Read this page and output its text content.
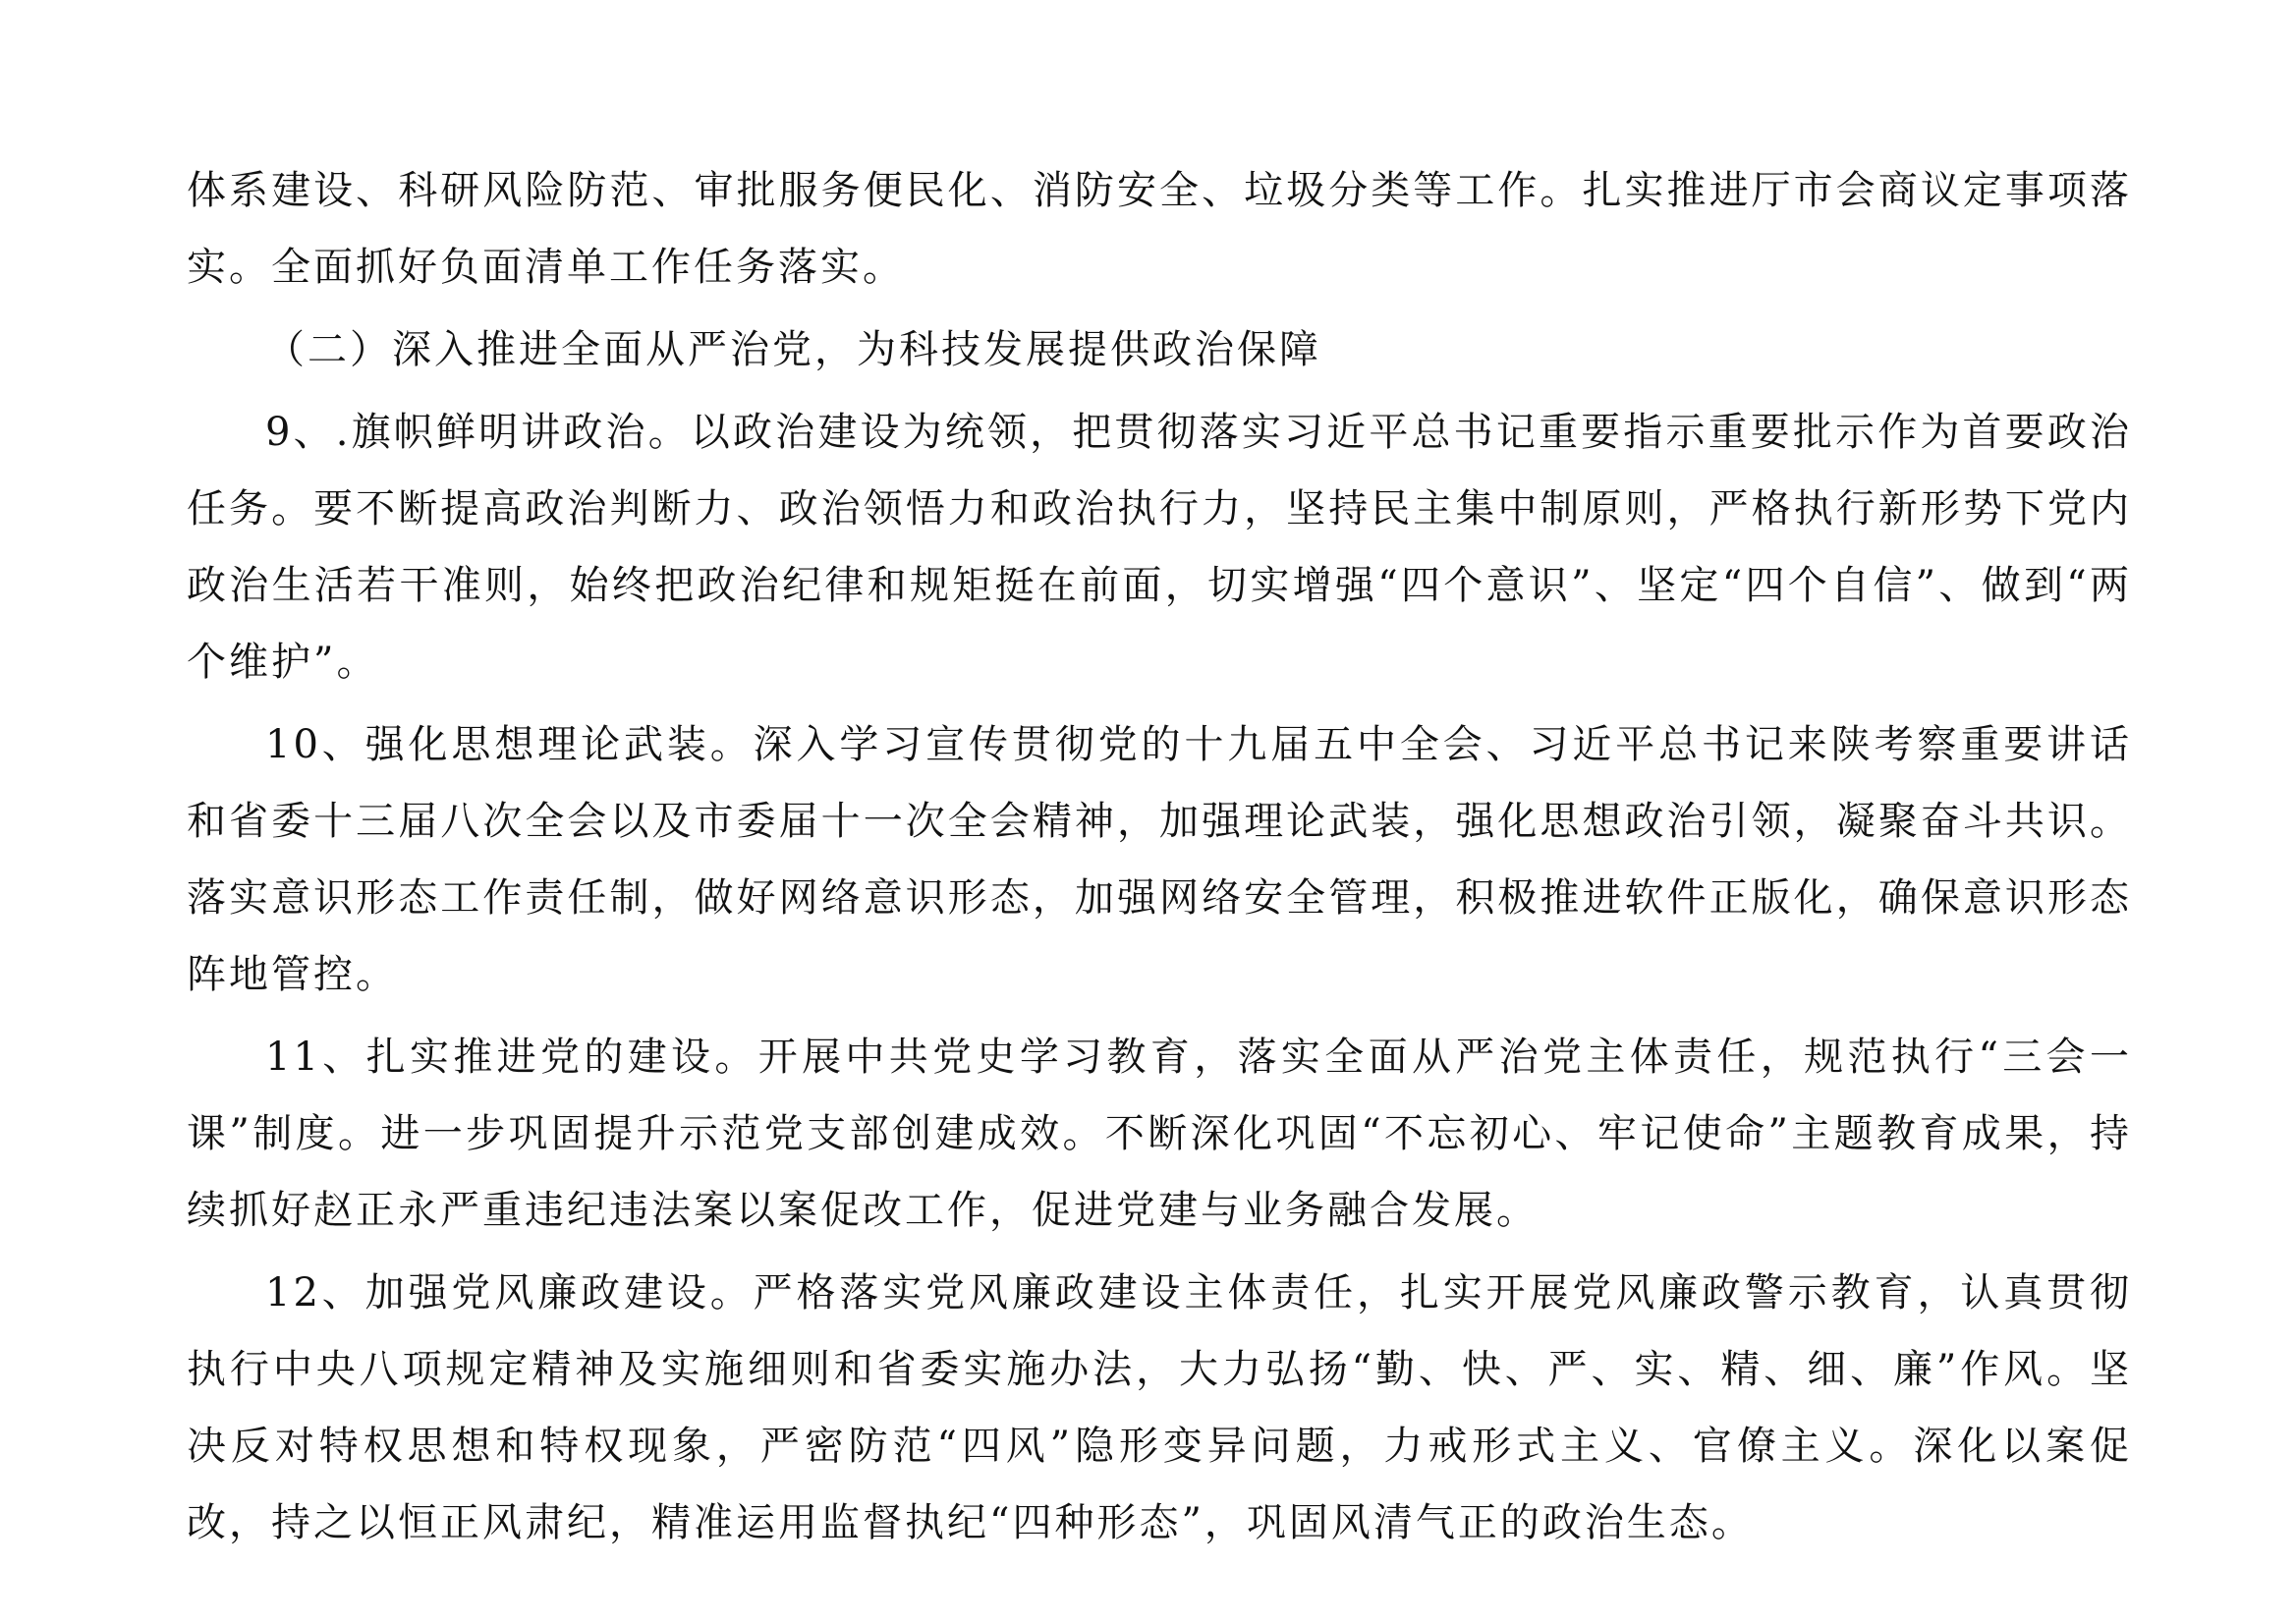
体系建设、科研风险防范、审批服务便民化、消防安全、垃圾分类等工作。扎实推进厅市会商议定事项落实。全面抓好负面清单工作任务落实。

（二）深入推进全面从严治党，为科技发展提供政治保障

9、.旗帜鲜明讲政治。以政治建设为统领，把贯彻落实习近平总书记重要指示重要批示作为首要政治任务。要不断提高政治判断力、政治领悟力和政治执行力，坚持民主集中制原则，严格执行新形势下党内政治生活若干准则，始终把政治纪律和规矩挺在前面，切实增强“四个意识”、坚定“四个自信”、做到“两个维护”。

10、强化思想理论武装。深入学习宣传贯彻党的十九届五中全会、习近平总书记来陕考察重要讲话和省委十三届八次全会以及市委届十一次全会精神，加强理论武装，强化思想政治引领，凝聚奋斗共识。落实意识形态工作责任制，做好网络意识形态，加强网络安全管理，积极推进软件正版化，确保意识形态阵地管控。

11、扎实推进党的建设。开展中共党史学习教育，落实全面从严治党主体责任，规范执行“三会一课”制度。进一步巩固提升示范党支部创建成效。不断深化巩固“不忘初心、牢记使命”主题教育成果，持续抓好赵正永严重违纪违法案以案促改工作，促进党建与业务融合发展。

12、加强党风廉政建设。严格落实党风廉政建设主体责任，扎实开展党风廉政警示教育，认真贯彻执行中央八项规定精神及实施细则和省委实施办法，大力弘扬“勤、快、严、实、精、细、廉”作风。坚决反对特权思想和特权现象，严密防范“四风”隐形变异问题，力戒形式主义、官僚主义。深化以案促改，持之以恒正风肃纪，精准运用监督执纪“四种形态”，巩固风清气正的政治生态。
